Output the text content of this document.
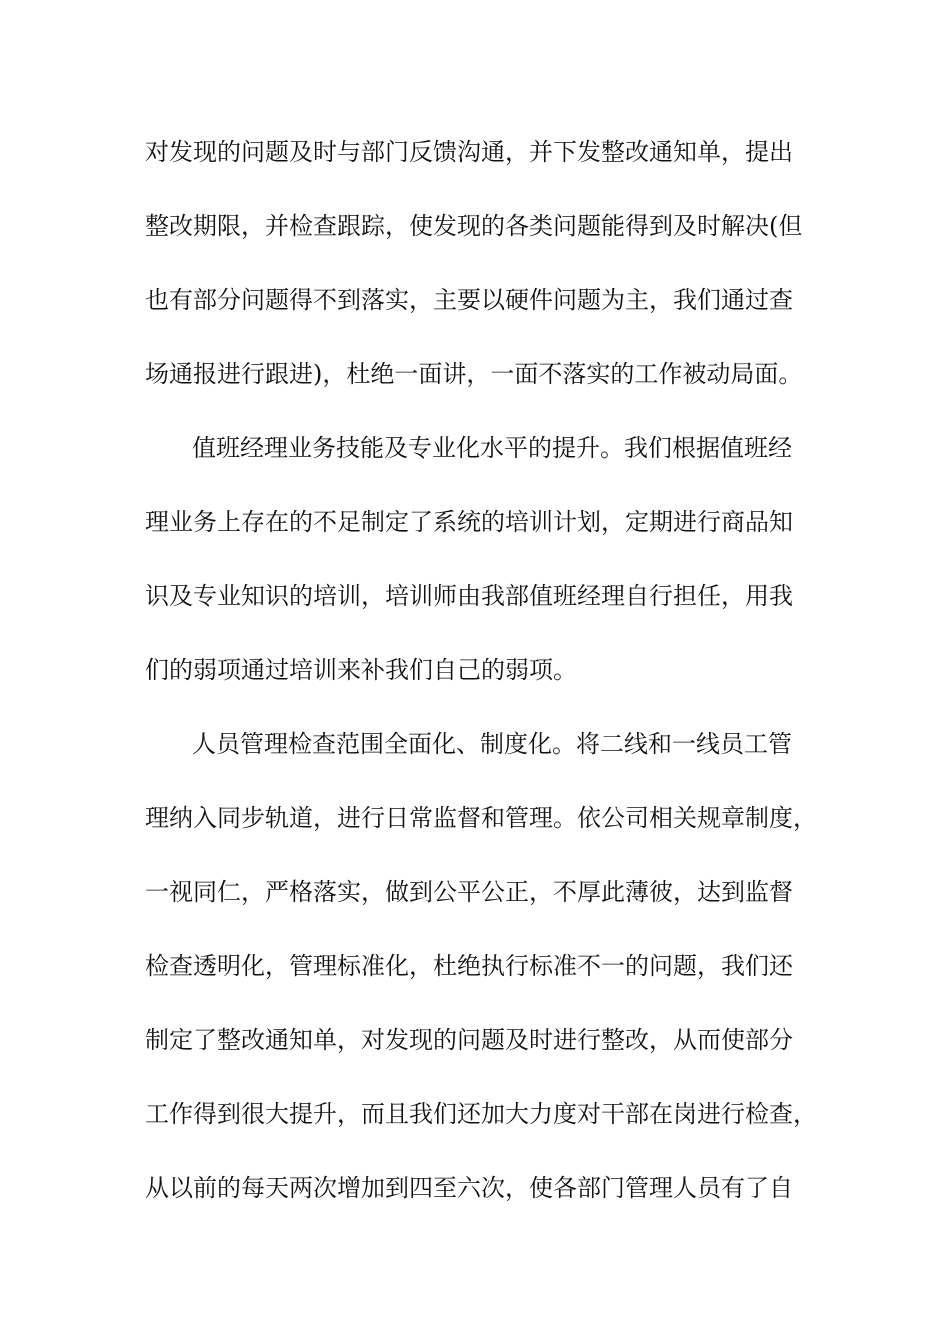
对发现的问题及时与部门反馈沟通，并下发整改通知单，提出
整改期限，并检查跟踪，使发现的各类问题能得到及时解决(但
也有部分问题得不到落实，主要以硬件问题为主，我们通过查
场通报进行跟进)，杜绝一面讲，一面不落实的工作被动局面。
值班经理业务技能及专业化水平的提升。我们根据值班经
理业务上存在的不足制定了系统的培训计划，定期进行商品知
识及专业知识的培训，培训师由我部值班经理自行担任，用我
们的弱项通过培训来补我们自己的弱项。
人员管理检查范围全面化、制度化。将二线和一线员工管
理纳入同步轨道，进行日常监督和管理。依公司相关规章制度，
一视同仁，严格落实，做到公平公正，不厚此薄彼，达到监督
检查透明化，管理标准化，杜绝执行标准不一的问题，我们还
制定了整改通知单，对发现的问题及时进行整改，从而使部分
工作得到很大提升，而且我们还加大力度对干部在岗进行检查，
从以前的每天两次增加到四至六次，使各部门管理人员有了自
